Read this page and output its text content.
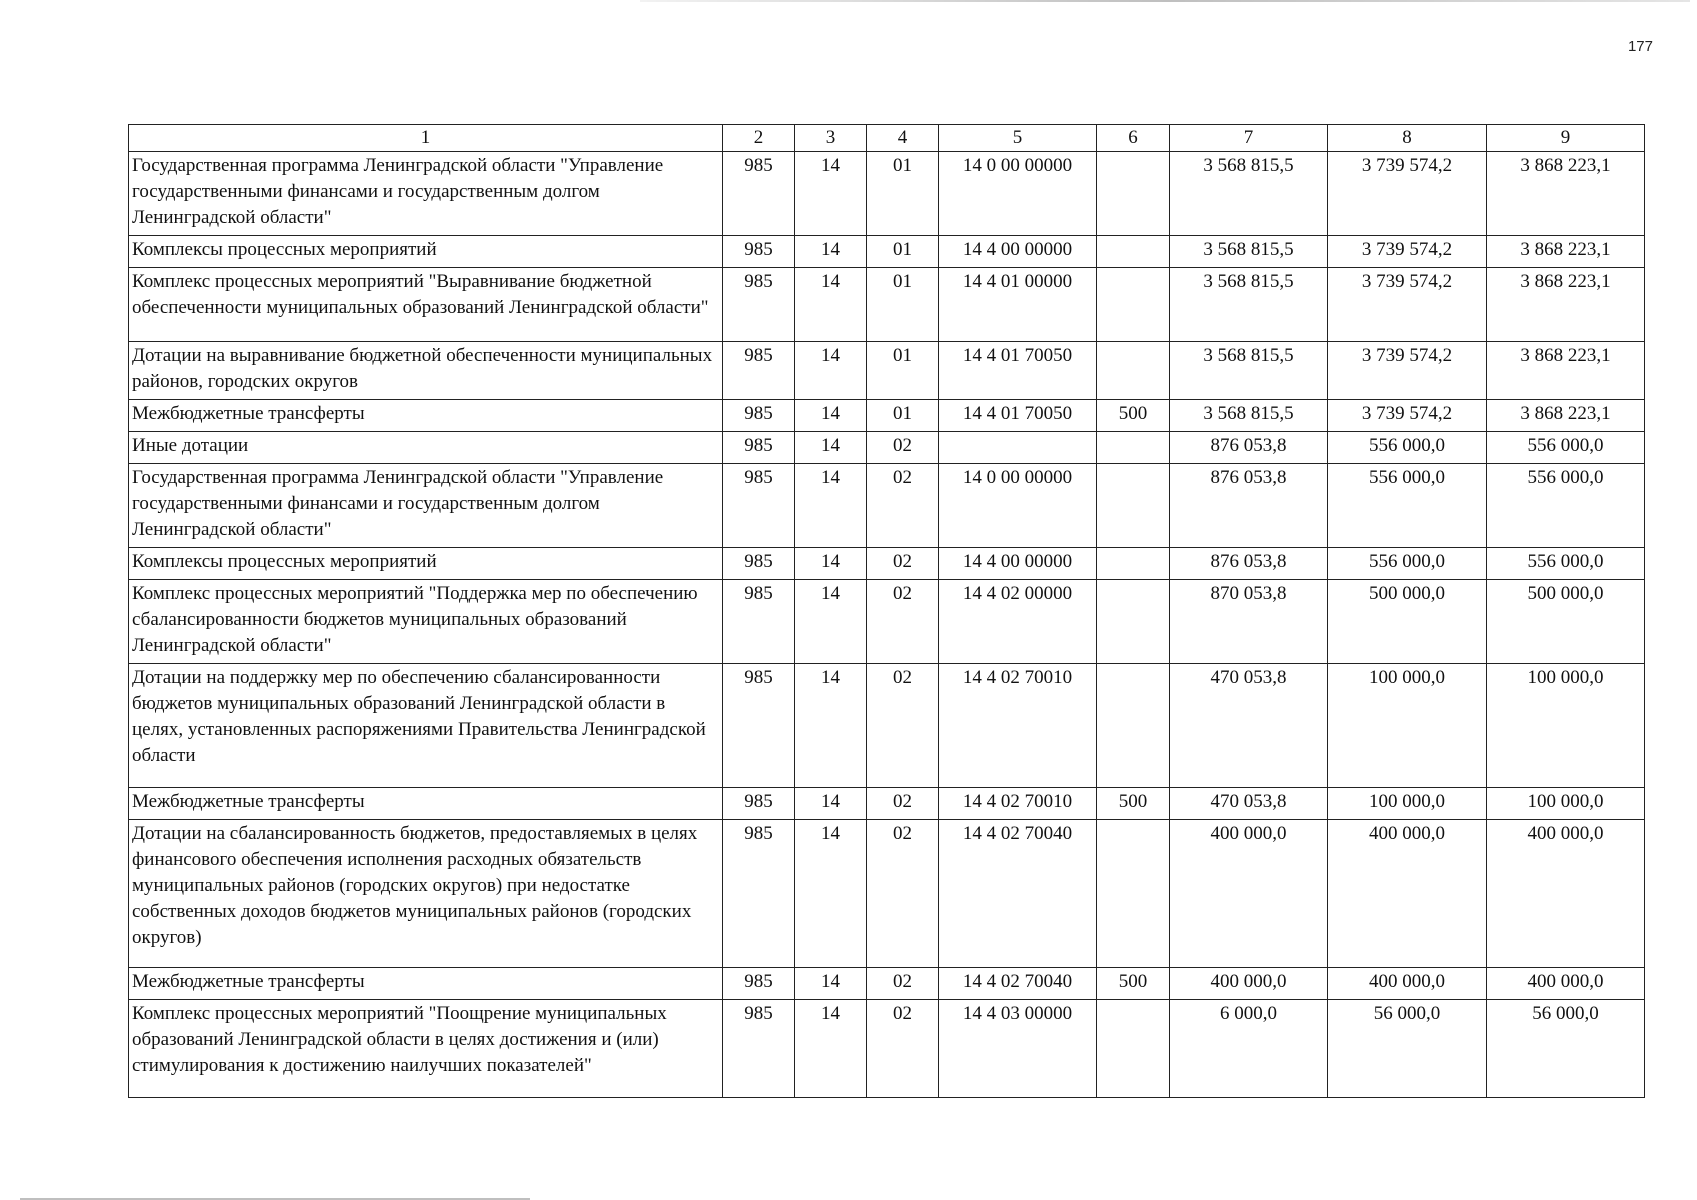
177
1	2	3	4	5	6	7	8	9
Государственная программа Ленинградской области "Управление государственными финансами и государственным долгом Ленинградской области"	985	14	01	14 0 00 00000		3 568 815,5	3 739 574,2	3 868 223,1
Комплексы процессных мероприятий	985	14	01	14 4 00 00000		3 568 815,5	3 739 574,2	3 868 223,1
Комплекс процессных мероприятий "Выравнивание бюджетной обеспеченности муниципальных образований Ленинградской области"	985	14	01	14 4 01 00000		3 568 815,5	3 739 574,2	3 868 223,1
Дотации на выравнивание бюджетной обеспеченности муниципальных районов, городских округов	985	14	01	14 4 01 70050		3 568 815,5	3 739 574,2	3 868 223,1
Межбюджетные трансферты	985	14	01	14 4 01 70050	500	3 568 815,5	3 739 574,2	3 868 223,1
Иные дотации	985	14	02			876 053,8	556 000,0	556 000,0
Государственная программа Ленинградской области "Управление государственными финансами и государственным долгом Ленинградской области"	985	14	02	14 0 00 00000		876 053,8	556 000,0	556 000,0
Комплексы процессных мероприятий	985	14	02	14 4 00 00000		876 053,8	556 000,0	556 000,0
Комплекс процессных мероприятий "Поддержка мер по обеспечению сбалансированности бюджетов муниципальных образований Ленинградской области"	985	14	02	14 4 02 00000		870 053,8	500 000,0	500 000,0
Дотации на поддержку мер по обеспечению сбалансированности бюджетов муниципальных образований Ленинградской области в целях, установленных распоряжениями Правительства Ленинградской области	985	14	02	14 4 02 70010		470 053,8	100 000,0	100 000,0
Межбюджетные трансферты	985	14	02	14 4 02 70010	500	470 053,8	100 000,0	100 000,0
Дотации на сбалансированность бюджетов, предоставляемых в целях финансового обеспечения исполнения расходных обязательств муниципальных районов (городских округов) при недостатке собственных доходов бюджетов муниципальных районов (городских округов)	985	14	02	14 4 02 70040		400 000,0	400 000,0	400 000,0
Межбюджетные трансферты	985	14	02	14 4 02 70040	500	400 000,0	400 000,0	400 000,0
Комплекс процессных мероприятий "Поощрение муниципальных образований Ленинградской области в целях достижения и (или) стимулирования к достижению наилучших показателей"	985	14	02	14 4 03 00000		6 000,0	56 000,0	56 000,0
